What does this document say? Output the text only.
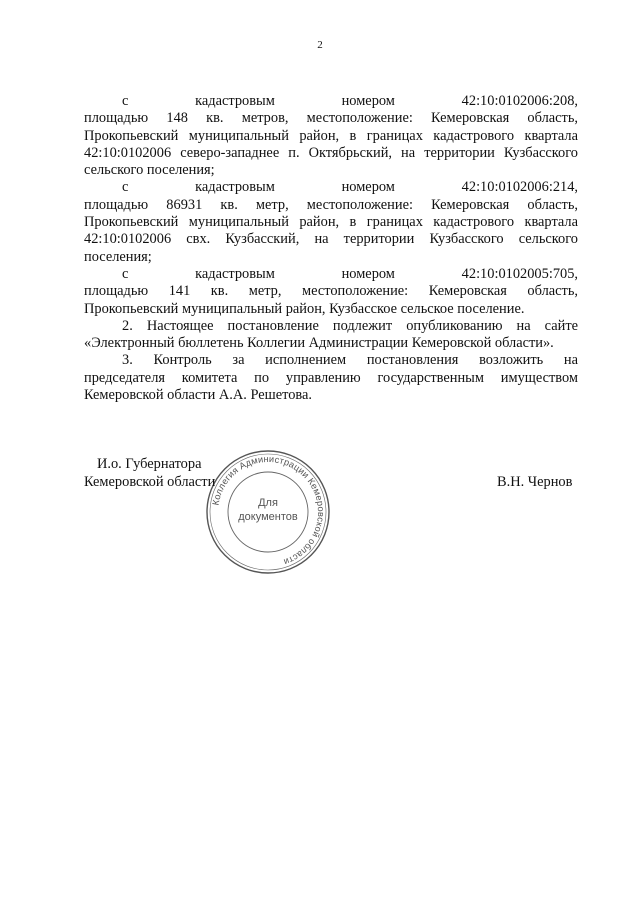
2
с	кадастровым	номером	42:10:0102006:208,
площадью 148 кв. метров, местоположение: Кемеровская область,
Прокопьевский муниципальный район, в границах кадастрового квартала
42:10:0102006 северо-западнее п. Октябрьский, на территории Кузбасского
сельского поселения;
с	кадастровым	номером	42:10:0102006:214,
площадью 86931 кв. метр, местоположение: Кемеровская область,
Прокопьевский муниципальный район, в границах кадастрового квартала
42:10:0102006 свх. Кузбасский, на территории Кузбасского сельского
поселения;
с	кадастровым	номером	42:10:0102005:705,
площадью 141 кв. метр, местоположение: Кемеровская область,
Прокопьевский муниципальный район, Кузбасское сельское поселение.
2. Настоящее постановление подлежит опубликованию на сайте
«Электронный бюллетень Коллегии Администрации Кемеровской области».
3. Контроль за исполнением постановления возложить на
председателя комитета по управлению государственным имуществом
Кемеровской области А.А. Решетова.
Коллегия Администрации Кемеровской области
Для
документов
И.о. Губернатора
Кемеровской области	В.Н. Чернов
